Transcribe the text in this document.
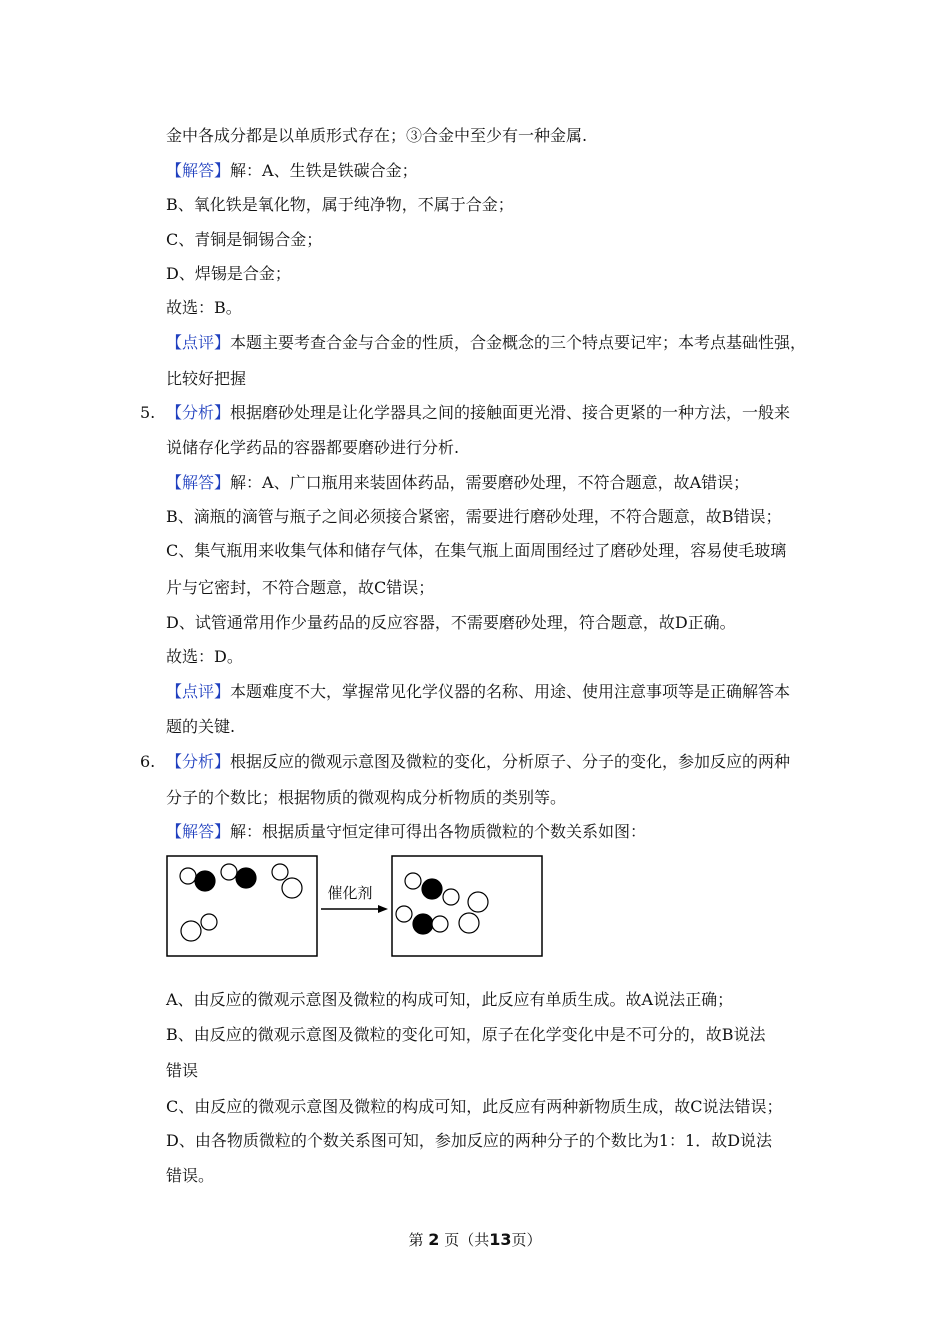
金中各成分都是以单质形式存在；③合金中至少有一种金属.
【解答】解：A、生铁是铁碳合金；
B、氧化铁是氧化物，属于纯净物，不属于合金；
C、青铜是铜锡合金；
D、焊锡是合金；
故选：B。
【点评】本题主要考查合金与合金的性质，合金概念的三个特点要记牢；本考点基础性强，
比较好把握
5. 【分析】根据磨砂处理是让化学器具之间的接触面更光滑、接合更紧的一种方法，一般来
说储存化学药品的容器都要磨砂进行分析.
【解答】解：A、广口瓶用来装固体药品，需要磨砂处理，不符合题意，故A错误；
B、滴瓶的滴管与瓶子之间必须接合紧密，需要进行磨砂处理，不符合题意，故B错误；
C、集气瓶用来收集气体和储存气体，在集气瓶上面周围经过了磨砂处理，容易使毛玻璃
片与它密封，不符合题意，故C错误；
D、试管通常用作少量药品的反应容器，不需要磨砂处理，符合题意，故D正确。
故选：D。
【点评】本题难度不大，掌握常见化学仪器的名称、用途、使用注意事项等是正确解答本
题的关键.
6. 【分析】根据反应的微观示意图及微粒的变化，分析原子、分子的变化，参加反应的两种
分子的个数比；根据物质的微观构成分析物质的类别等。
【解答】解：根据质量守恒定律可得出各物质微粒的个数关系如图：
催化剂
A、由反应的微观示意图及微粒的构成可知，此反应有单质生成。故A说法正确；
B、由反应的微观示意图及微粒的变化可知，原子在化学变化中是不可分的，故B说法
错误
C、由反应的微观示意图及微粒的构成可知，此反应有两种新物质生成，故C说法错误；
D、由各物质微粒的个数关系图可知，参加反应的两种分子的个数比为1：1．故D说法
错误。
第 2 页（共13页）
